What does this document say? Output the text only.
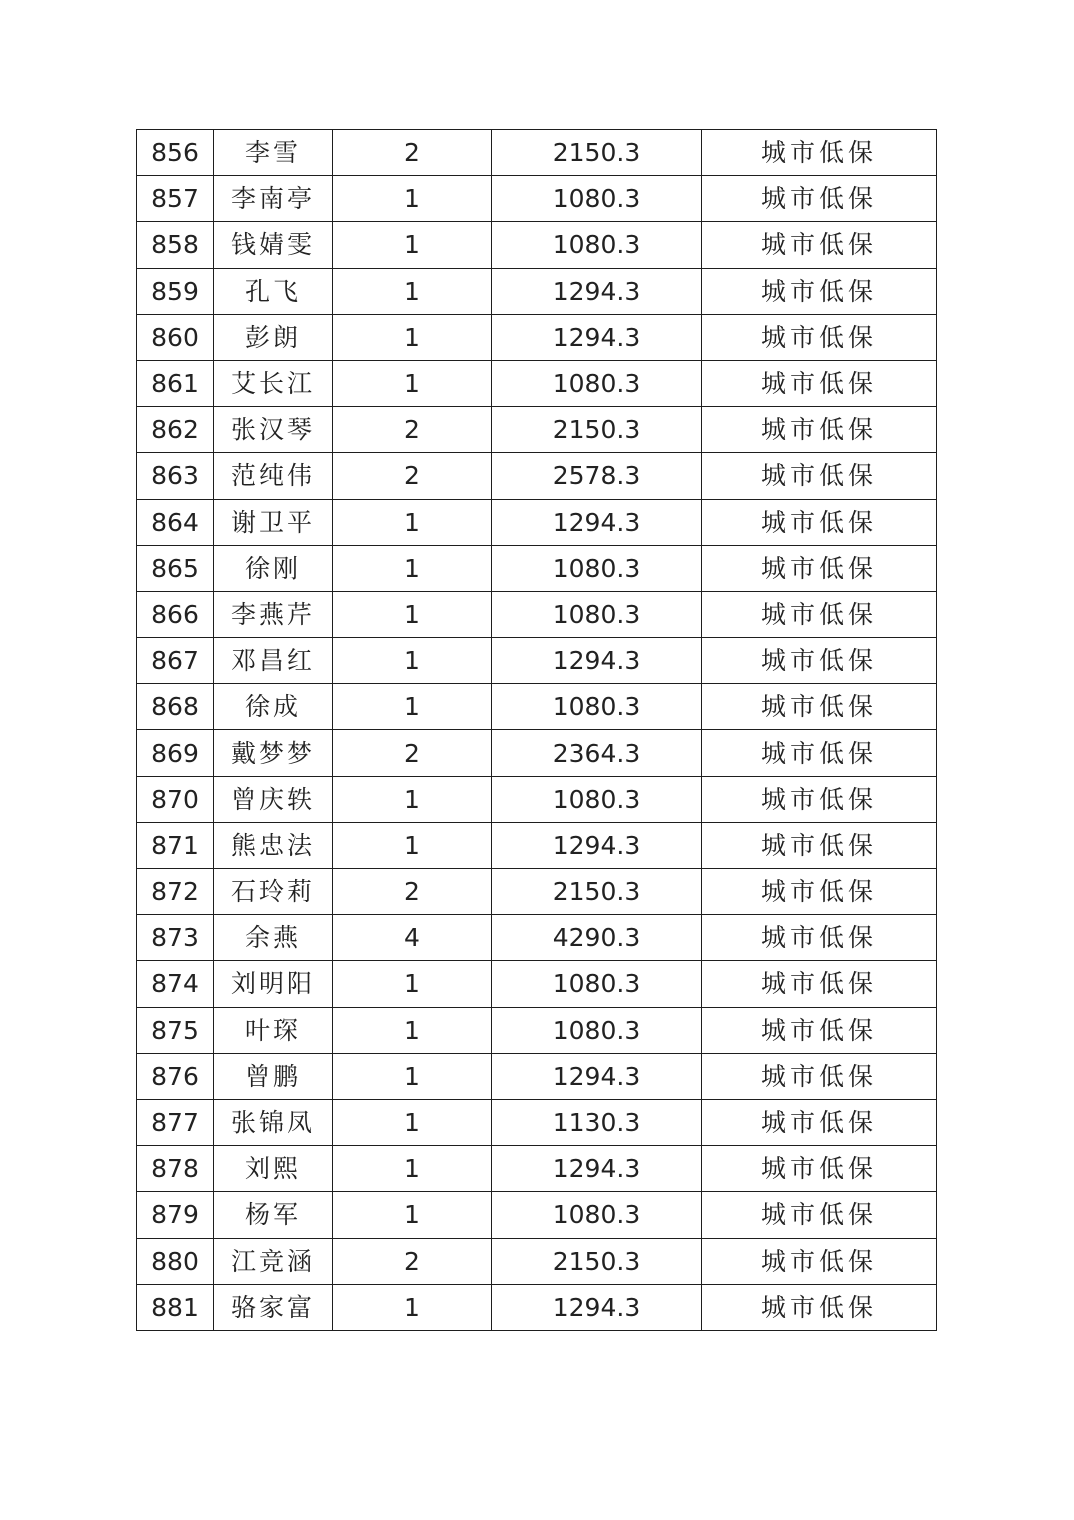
856	李雪	2	2150.3	城市低保
857	李南亭	1	1080.3	城市低保
858	钱婧雯	1	1080.3	城市低保
859	孔飞	1	1294.3	城市低保
860	彭朗	1	1294.3	城市低保
861	艾长江	1	1080.3	城市低保
862	张汉琴	2	2150.3	城市低保
863	范纯伟	2	2578.3	城市低保
864	谢卫平	1	1294.3	城市低保
865	徐刚	1	1080.3	城市低保
866	李燕芹	1	1080.3	城市低保
867	邓昌红	1	1294.3	城市低保
868	徐成	1	1080.3	城市低保
869	戴梦梦	2	2364.3	城市低保
870	曾庆轶	1	1080.3	城市低保
871	熊忠法	1	1294.3	城市低保
872	石玲莉	2	2150.3	城市低保
873	余燕	4	4290.3	城市低保
874	刘明阳	1	1080.3	城市低保
875	叶琛	1	1080.3	城市低保
876	曾鹏	1	1294.3	城市低保
877	张锦凤	1	1130.3	城市低保
878	刘熙	1	1294.3	城市低保
879	杨军	1	1080.3	城市低保
880	江竞涵	2	2150.3	城市低保
881	骆家富	1	1294.3	城市低保
